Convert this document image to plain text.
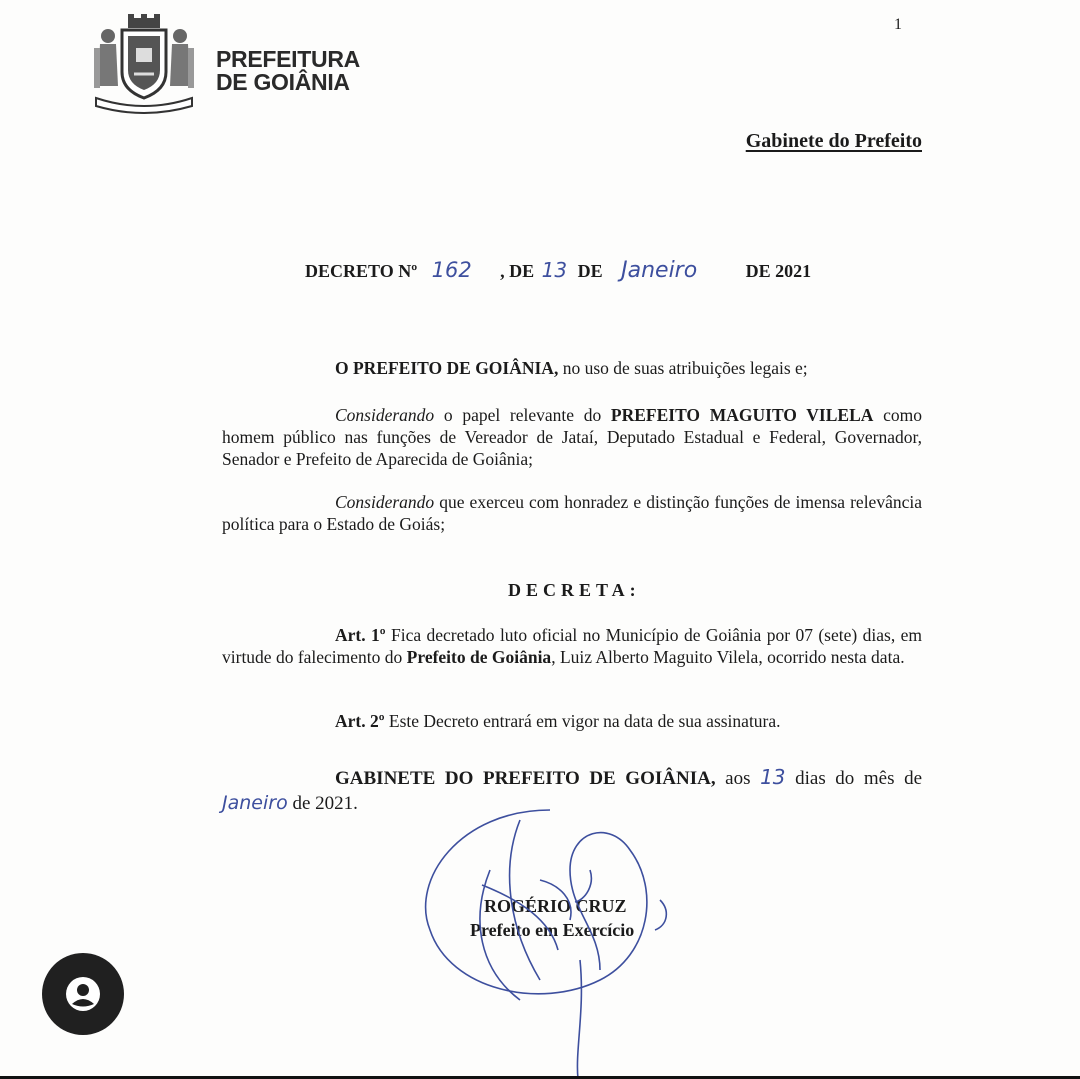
1
PREFEITURA
DE GOIÂNIA
Gabinete do Prefeito
DECRETO Nº 162 , DE 13 DE Janeiro	DE 2021

O PREFEITO DE GOIÂNIA, no uso de suas atribuições legais e;

Considerando o papel relevante do PREFEITO MAGUITO VILELA como homem público nas funções de Vereador de Jataí, Deputado Estadual e Federal, Governador, Senador e Prefeito de Aparecida de Goiânia;

Considerando que exerceu com honradez e distinção funções de imensa relevância política para o Estado de Goiás;

DECRETA:

Art. 1º Fica decretado luto oficial no Município de Goiânia por 07 (sete) dias, em virtude do falecimento do Prefeito de Goiânia, Luiz Alberto Maguito Vilela, ocorrido nesta data.

Art. 2º Este Decreto entrará em vigor na data de sua assinatura.

GABINETE DO PREFEITO DE GOIÂNIA, aos 13 dias do mês de Janeiro de 2021.

ROGÉRIO CRUZ
Prefeito em Exercício
